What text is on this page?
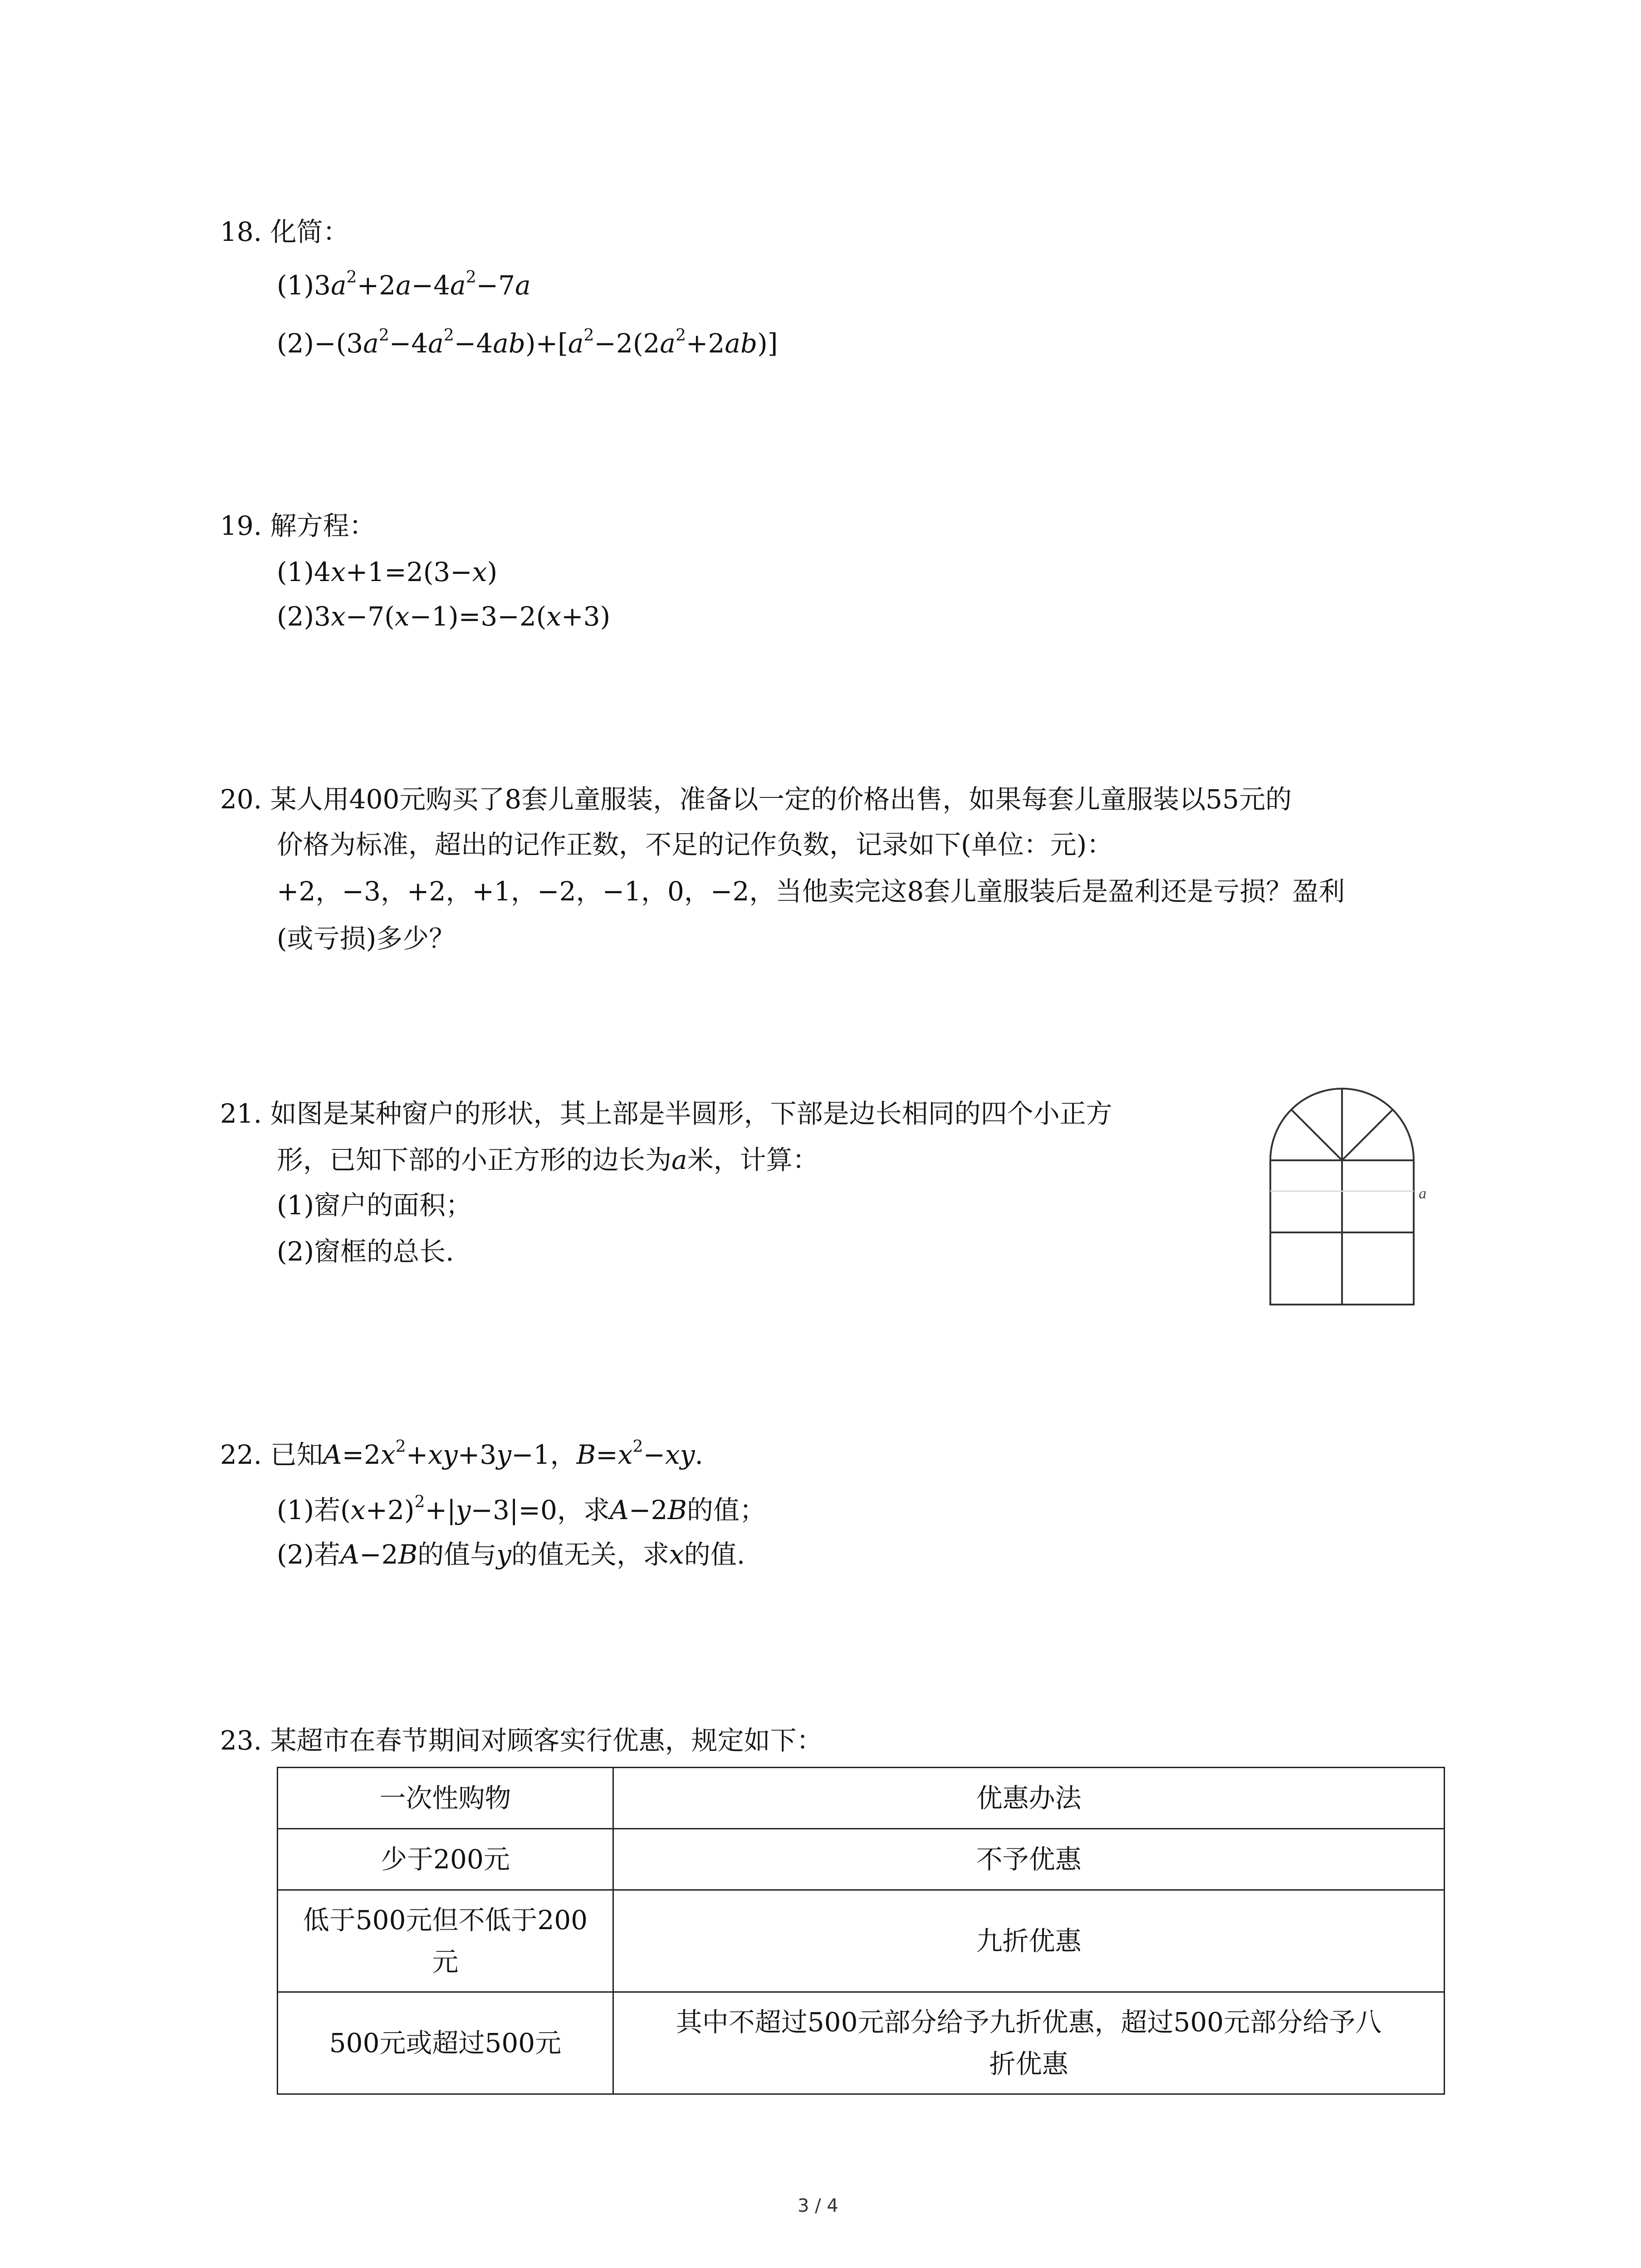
18. 化简：
$(1)3a^2+2a-4a^2-7a$
$(2)-(3a^2-4a^2-4ab)+[a^2-2(2a^2+2ab)]$
19. 解方程：
(1)4x+1=2(3−x)
(2)3x−7(x−1)=3−2(x+3)
20. 某人用400元购买了8套儿童服装，准备以一定的价格出售，如果每套儿童服装以55元的
价格为标准，超出的记作正数，不足的记作负数，记录如下(单位：元)：
+2，−3，+2，+1，−2，−1，0，−2，当他卖完这8套儿童服装后是盈利还是亏损？盈利
(或亏损)多少？
21. 如图是某种窗户的形状，其上部是半圆形，下部是边长相同的四个小正方
形，已知下部的小正方形的边长为a米，计算：
(1)窗户的面积；
(2)窗框的总长.
a
22. 已知$A=2x^2+xy+3y-1$，$B=x^2-xy$.
(1)若$(x+2)^2+|y-3|=0$，求A−2B的值；
(2)若A−2B的值与y的值无关，求x的值.
23. 某超市在春节期间对顾客实行优惠，规定如下：
一次性购物	优惠办法
少于200元	不予优惠

低于500元但不低于200
元	九折优惠
500元或超过500元	其中不超过500元部分给予九折优惠，超过500元部分给予八
折优惠
3 / 4
